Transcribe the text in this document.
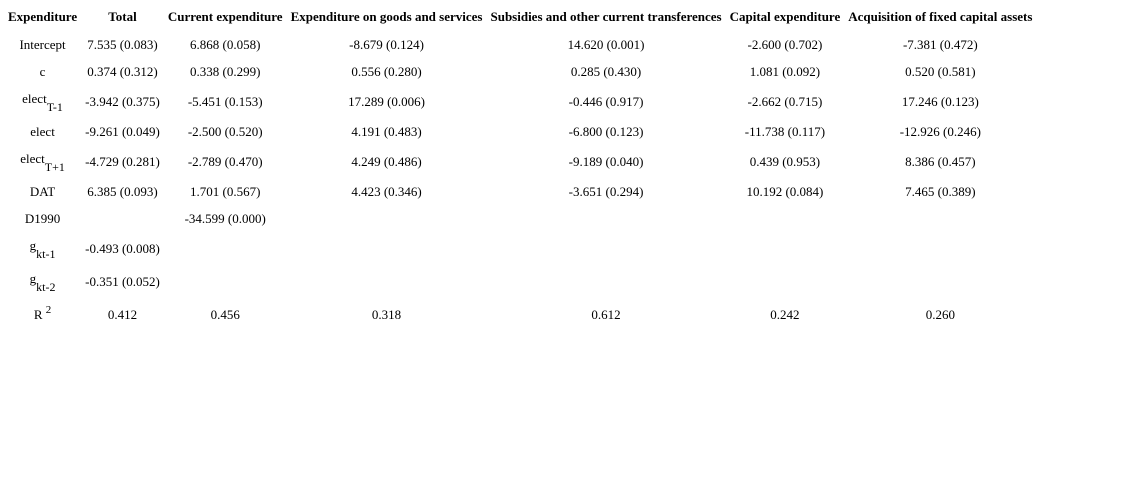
Expenditure	Total	Current expenditure	Expenditure on goods and services	Subsidies and other current transferences	Capital expenditure	Acquisition of fixed capital assets
Intercept	7.535 (0.083)	6.868 (0.058)	-8.679 (0.124)	14.620 (0.001)	-2.600 (0.702)	-7.381 (0.472)
c	0.374 (0.312)	0.338 (0.299)	0.556 (0.280)	0.285 (0.430)	1.081 (0.092)	0.520 (0.581)
electT-1	-3.942 (0.375)	-5.451 (0.153)	17.289 (0.006)	-0.446 (0.917)	-2.662 (0.715)	17.246 (0.123)
elect	-9.261 (0.049)	-2.500 (0.520)	4.191 (0.483)	-6.800 (0.123)	-11.738 (0.117)	-12.926 (0.246)
electT+1	-4.729 (0.281)	-2.789 (0.470)	4.249 (0.486)	-9.189 (0.040)	0.439 (0.953)	8.386 (0.457)
DAT	6.385 (0.093)	1.701 (0.567)	4.423 (0.346)	-3.651 (0.294)	10.192 (0.084)	7.465 (0.389)
D1990		-34.599 (0.000)				
gkt-1	-0.493 (0.008)					
gkt-2	-0.351 (0.052)					
R $^2$	0.412	0.456	0.318	0.612	0.242	0.260
